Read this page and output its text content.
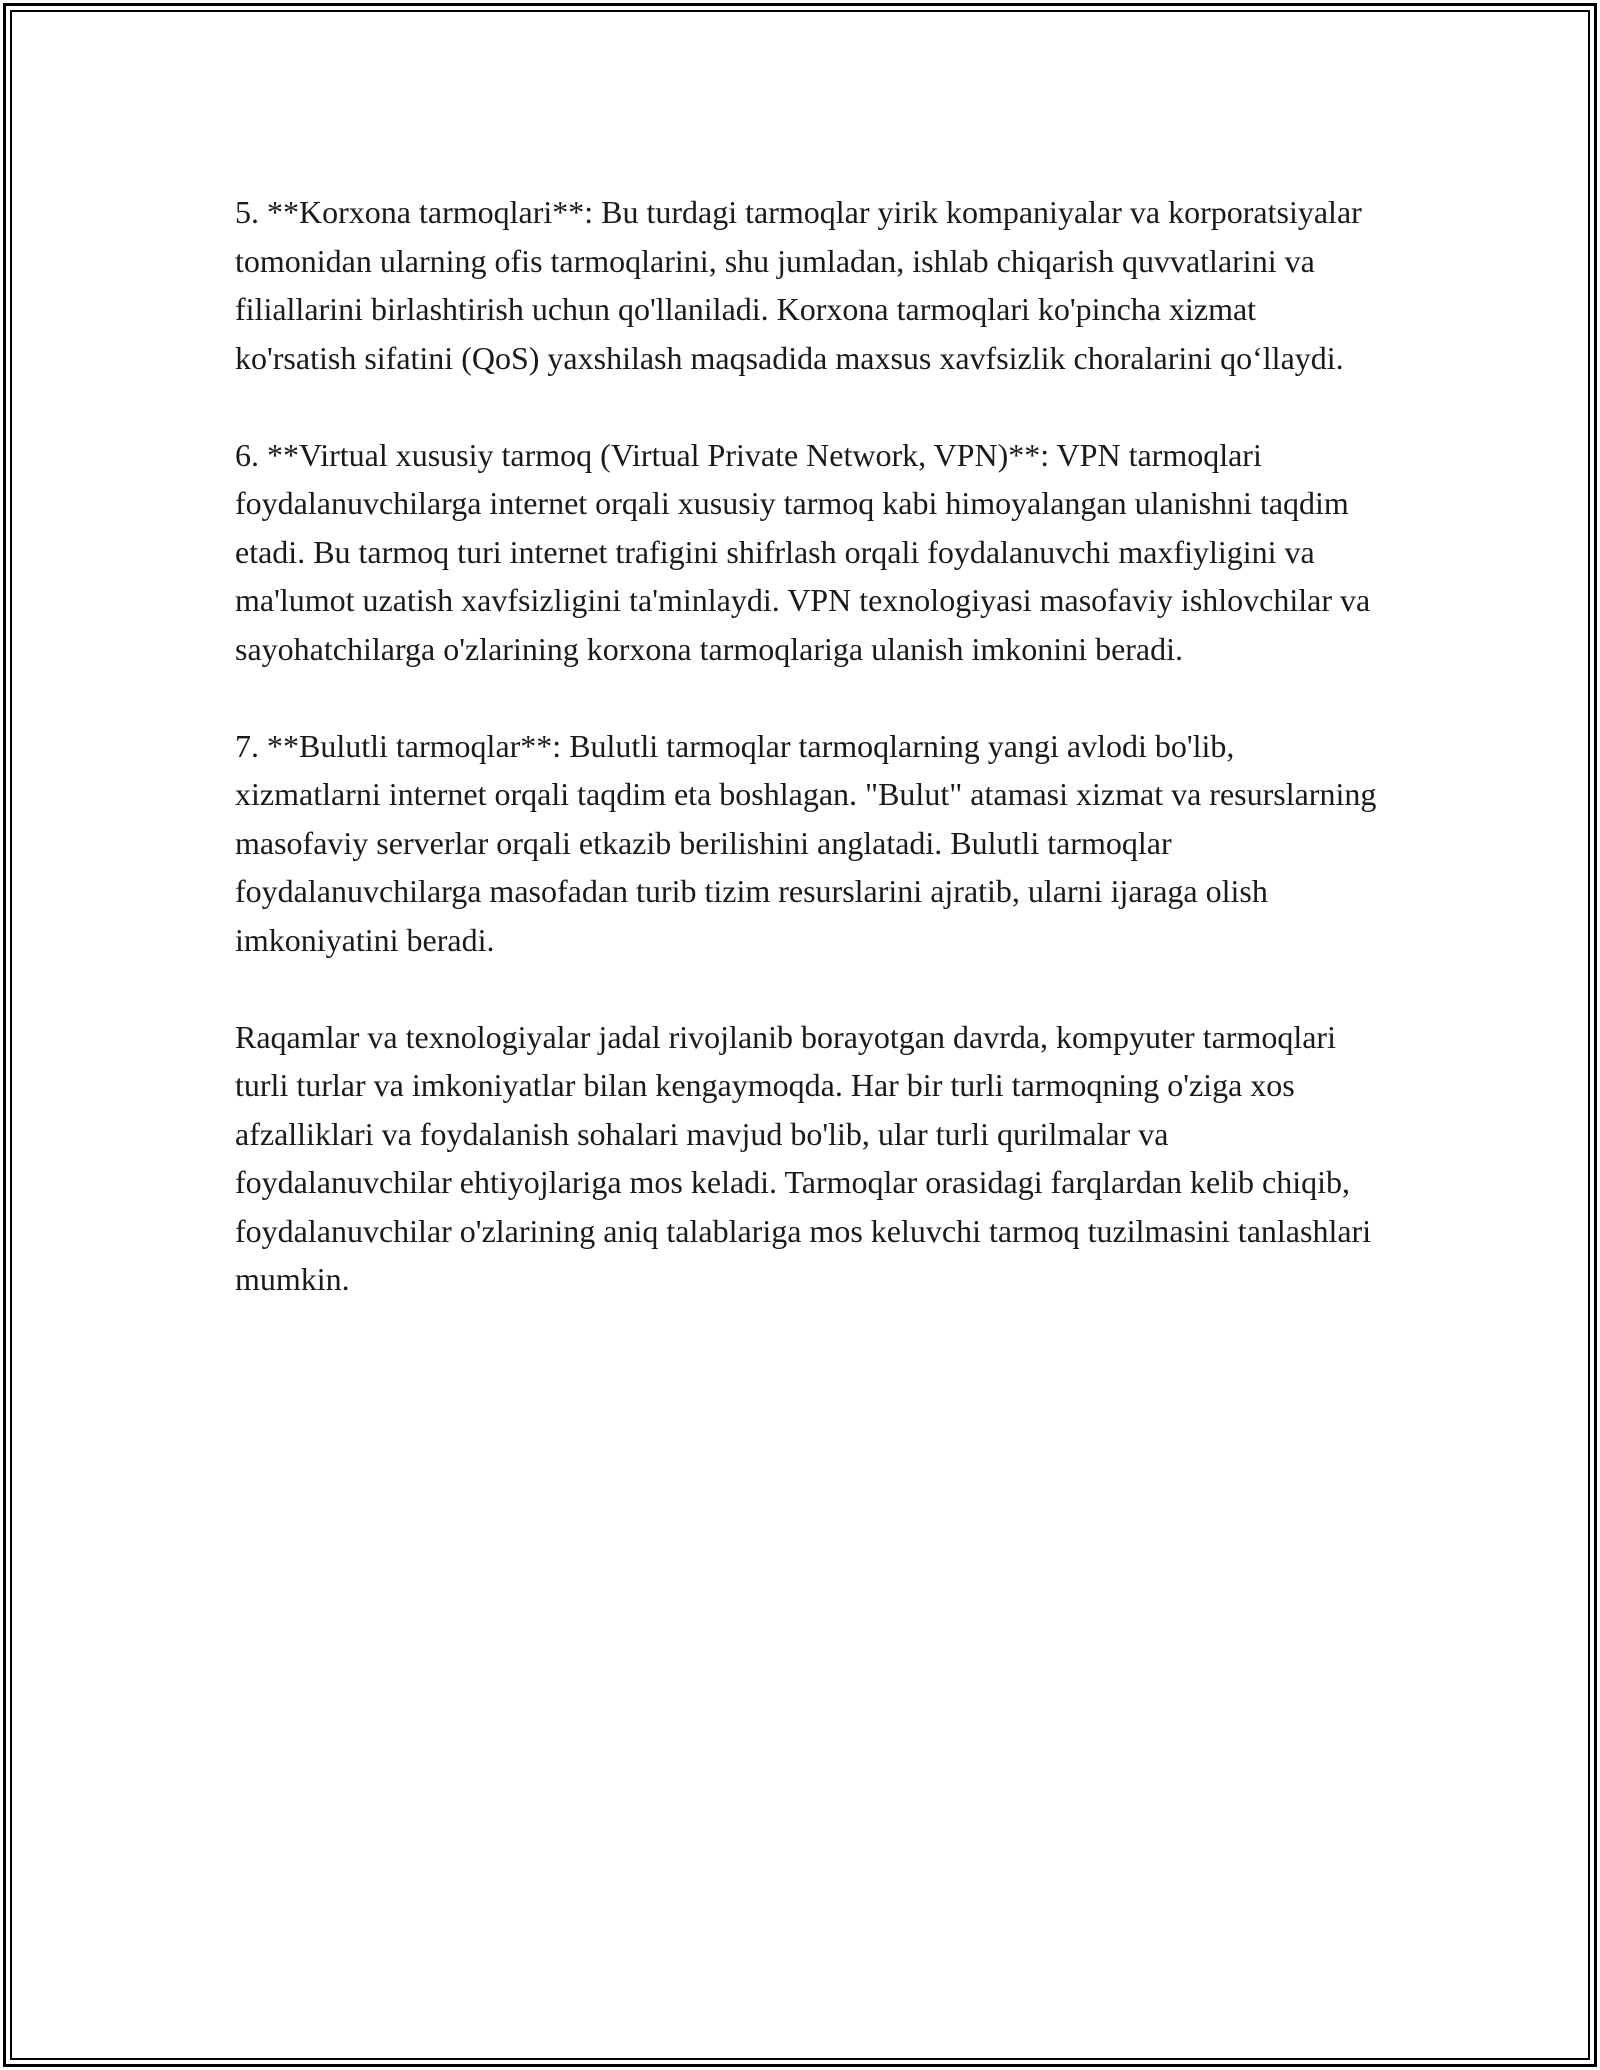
5. **Korxona tarmoqlari**: Bu turdagi tarmoqlar yirik kompaniyalar va korporatsiyalar tomonidan ularning ofis tarmoqlarini, shu jumladan, ishlab chiqarish quvvatlarini va filiallarini birlashtirish uchun qo'llaniladi. Korxona tarmoqlari ko'pincha xizmat ko'rsatish sifatini (QoS) yaxshilash maqsadida maxsus xavfsizlik choralarini qo‘llaydi.

6. **Virtual xususiy tarmoq (Virtual Private Network, VPN)**: VPN tarmoqlari foydalanuvchilarga internet orqali xususiy tarmoq kabi himoyalangan ulanishni taqdim etadi. Bu tarmoq turi internet trafigini shifrlash orqali foydalanuvchi maxfiyligini va ma'lumot uzatish xavfsizligini ta'minlaydi. VPN texnologiyasi masofaviy ishlovchilar va sayohatchilarga o'zlarining korxona tarmoqlariga ulanish imkonini beradi.

7. **Bulutli tarmoqlar**: Bulutli tarmoqlar tarmoqlarning yangi avlodi bo'lib, xizmatlarni internet orqali taqdim eta boshlagan. "Bulut" atamasi xizmat va resurslarning masofaviy serverlar orqali etkazib berilishini anglatadi. Bulutli tarmoqlar foydalanuvchilarga masofadan turib tizim resurslarini ajratib, ularni ijaraga olish imkoniyatini beradi.

Raqamlar va texnologiyalar jadal rivojlanib borayotgan davrda, kompyuter tarmoqlari turli turlar va imkoniyatlar bilan kengaymoqda. Har bir turli tarmoqning o'ziga xos afzalliklari va foydalanish sohalari mavjud bo'lib, ular turli qurilmalar va foydalanuvchilar ehtiyojlariga mos keladi. Tarmoqlar orasidagi farqlardan kelib chiqib, foydalanuvchilar o'zlarining aniq talablariga mos keluvchi tarmoq tuzilmasini tanlashlari mumkin.
